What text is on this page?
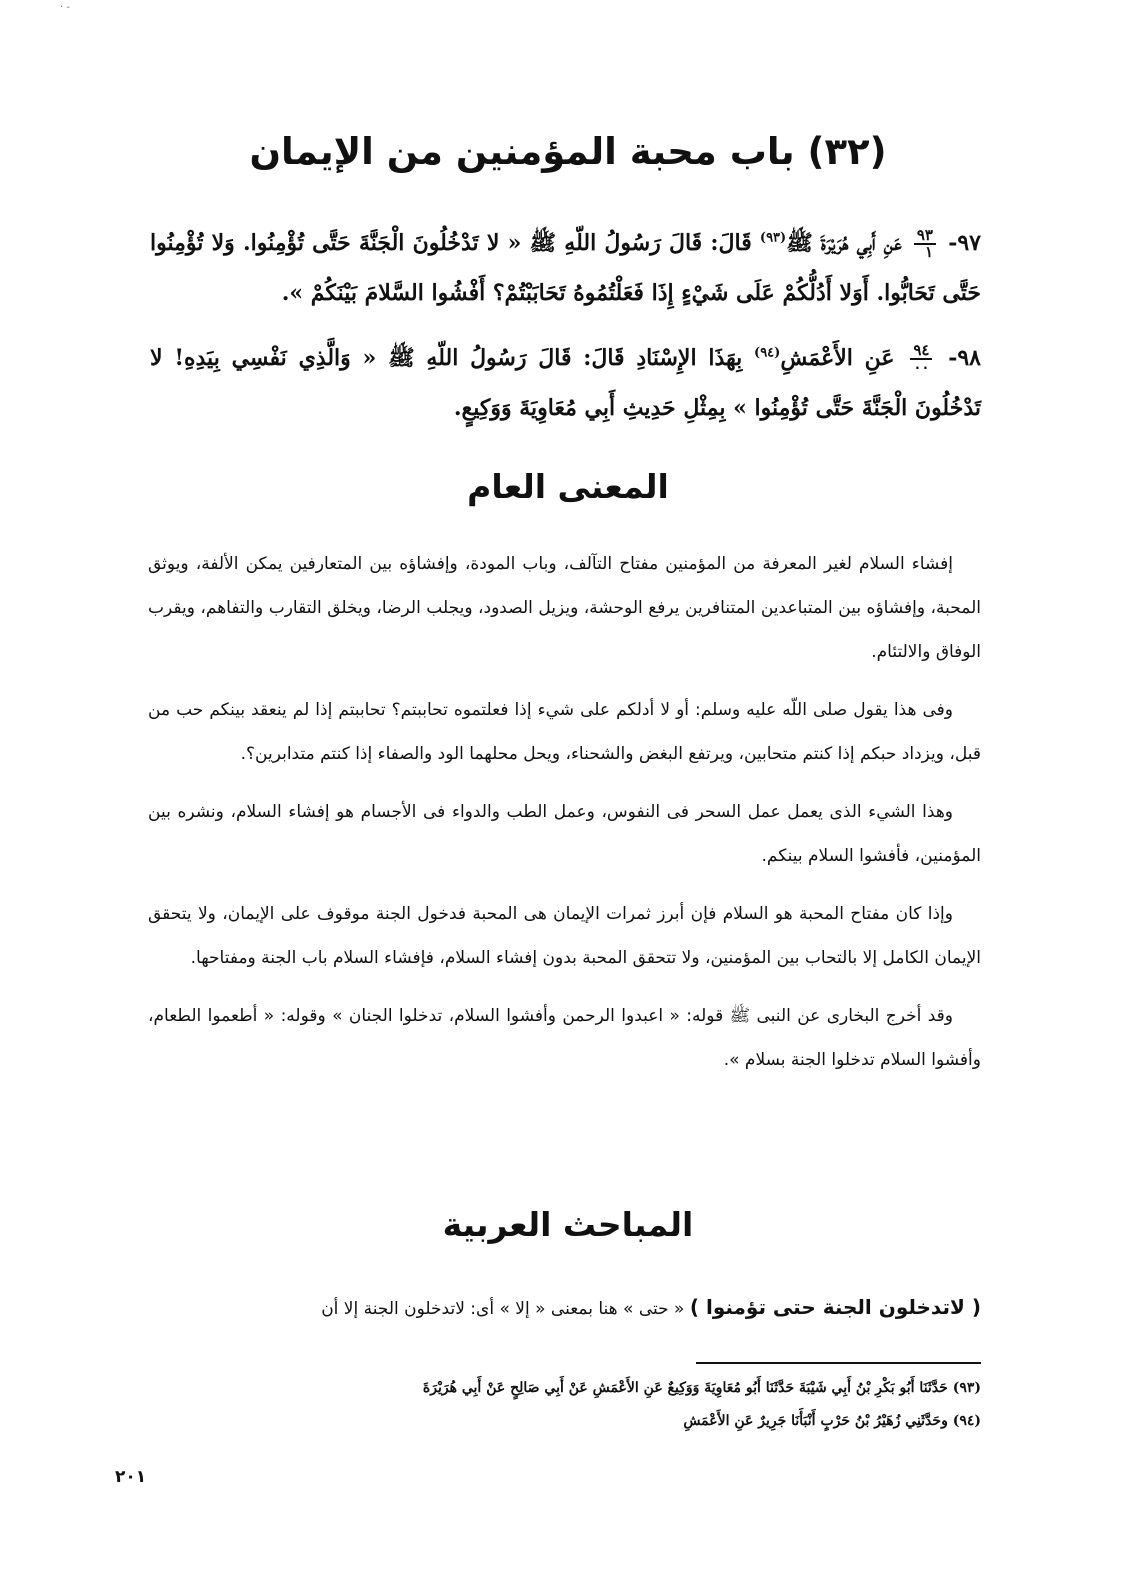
- ·
(٣٢) باب محبة المؤمنين من الإيمان
٩٧-
$\frac{٩٣}{١}$
عَنِ أَبِي هُرَيْرَةَ ﷺ$^{(٩٣)}$ قَالَ: قَالَ رَسُولُ اللّهِ ﷺ « لا تَدْخُلُونَ الْجَنَّةَ حَتَّى تُؤْمِنُوا. وَلا تُؤْمِنُوا حَتَّى تَحَابُّوا. أَوَلا أَدُلُّكُمْ عَلَى شَيْءٍ إِذَا فَعَلْتُمُوهُ تَحَابَبْتُمْ؟ أَفْشُوا السَّلامَ بَيْنَكُمْ ».
٩٨-
$\frac{٩٤}{٠٠}$
عَنِ الأَعْمَشِ$^{(٩٤)}$ بِهَذَا الإِسْنَادِ قَالَ: قَالَ رَسُولُ اللّهِ ﷺ « وَالَّذِي نَفْسِي بِيَدِهِ! لا تَدْخُلُونَ الْجَنَّةَ حَتَّى تُؤْمِنُوا » بِمِثْلِ حَدِيثِ أَبِي مُعَاوِيَةَ وَوَكِيعٍ.
المعنى العام

إفشاء السلام لغير المعرفة من المؤمنين مفتاح التآلف، وباب المودة، وإفشاؤه بين المتعارفين يمكن الألفة، ويوثق المحبة، وإفشاؤه بين المتباعدين المتنافرين يرفع الوحشة، ويزيل الصدود، ويجلب الرضا، ويخلق التقارب والتفاهم، ويقرب الوفاق والالتئام.

وفى هذا يقول صلى اللّه عليه وسلم: أو لا أدلكم على شيء إذا فعلتموه تحاببتم؟ تحاببتم إذا لم ينعقد بينكم حب من قبل، ويزداد حبكم إذا كنتم متحابين، ويرتفع البغض والشحناء، ويحل محلهما الود والصفاء إذا كنتم متدابرين؟.

وهذا الشيء الذى يعمل عمل السحر فى النفوس، وعمل الطب والدواء فى الأجسام هو إفشاء السلام، ونشره بين المؤمنين، فأفشوا السلام بينكم.

وإذا كان مفتاح المحبة هو السلام فإن أبرز ثمرات الإيمان هى المحبة فدخول الجنة موقوف على الإيمان، ولا يتحقق الإيمان الكامل إلا بالتحاب بين المؤمنين، ولا تتحقق المحبة بدون إفشاء السلام، فإفشاء السلام باب الجنة ومفتاحها.

وقد أخرج البخارى عن النبى ﷺ قوله: « اعبدوا الرحمن وأفشوا السلام، تدخلوا الجنان » وقوله: « أطعموا الطعام، وأفشوا السلام تدخلوا الجنة بسلام ».

المباحث العربية
( لاتدخلون الجنة حتى تؤمنوا ) « حتى » هنا بمعنى « إلا » أى: لاتدخلون الجنة إلا أن

(٩٣) حَدَّثَنَا أَبُو بَكْرِ بْنُ أَبِي شَيْبَةَ حَدَّثَنَا أَبُو مُعَاوِيَةَ وَوَكِيعٌ عَنِ الأَعْمَشِ عَنْ أَبِي صَالِحٍ عَنْ أَبِي هُرَيْرَةَ

(٩٤) وحَدَّثَنِي زُهَيْرُ بْنُ حَرْبٍ أَنْبَأَنَا جَرِيرٌ عَنِ الأَعْمَشِ

٢٠١
